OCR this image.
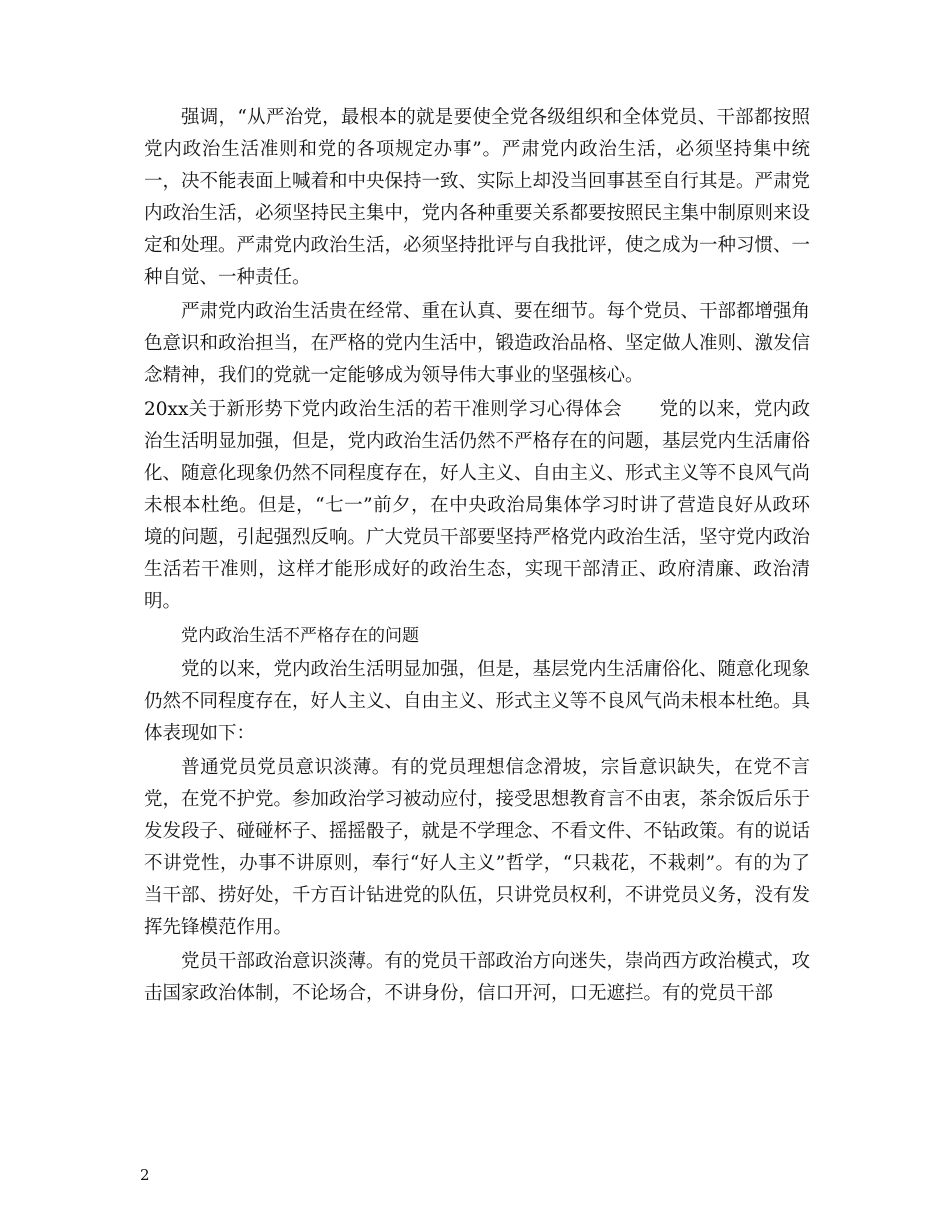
强调，“从严治党，最根本的就是要使全党各级组织和全体党员、干部都按照党内政治生活准则和党的各项规定办事”。严肃党内政治生活，必须坚持集中统一，决不能表面上喊着和中央保持一致、实际上却没当回事甚至自行其是。严肃党内政治生活，必须坚持民主集中，党内各种重要关系都要按照民主集中制原则来设定和处理。严肃党内政治生活，必须坚持批评与自我批评，使之成为一种习惯、一种自觉、一种责任。

严肃党内政治生活贵在经常、重在认真、要在细节。每个党员、干部都增强角色意识和政治担当，在严格的党内生活中，锻造政治品格、坚定做人准则、激发信念精神，我们的党就一定能够成为领导伟大事业的坚强核心。

20xx关于新形势下党内政治生活的若干准则学习心得体会　　党的以来，党内政治生活明显加强，但是，党内政治生活仍然不严格存在的问题，基层党内生活庸俗化、随意化现象仍然不同程度存在，好人主义、自由主义、形式主义等不良风气尚未根本杜绝。但是，“七一”前夕，在中央政治局集体学习时讲了营造良好从政环境的问题，引起强烈反响。广大党员干部要坚持严格党内政治生活，坚守党内政治生活若干准则，这样才能形成好的政治生态，实现干部清正、政府清廉、政治清明。

党内政治生活不严格存在的问题

党的以来，党内政治生活明显加强，但是，基层党内生活庸俗化、随意化现象仍然不同程度存在，好人主义、自由主义、形式主义等不良风气尚未根本杜绝。具体表现如下：

普通党员党员意识淡薄。有的党员理想信念滑坡，宗旨意识缺失，在党不言党，在党不护党。参加政治学习被动应付，接受思想教育言不由衷，茶余饭后乐于发发段子、碰碰杯子、摇摇骰子，就是不学理念、不看文件、不钻政策。有的说话不讲党性，办事不讲原则，奉行“好人主义”哲学，“只栽花，不栽刺”。有的为了当干部、捞好处，千方百计钻进党的队伍，只讲党员权利，不讲党员义务，没有发挥先锋模范作用。

党员干部政治意识淡薄。有的党员干部政治方向迷失，崇尚西方政治模式，攻击国家政治体制，不论场合，不讲身份，信口开河，口无遮拦。有的党员干部

2
